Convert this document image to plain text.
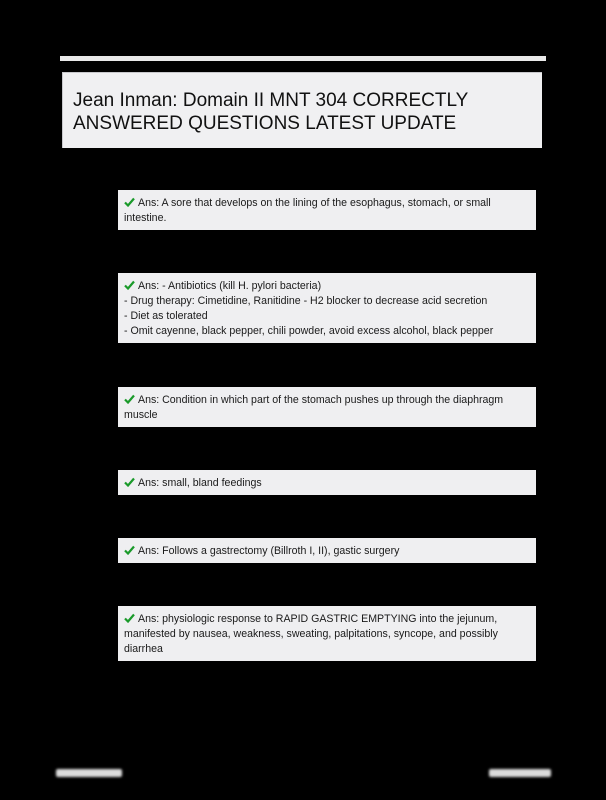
Jean Inman: Domain II MNT 304 CORRECTLY ANSWERED QUESTIONS LATEST UPDATE
Ans: A sore that develops on the lining of the esophagus, stomach, or small
intestine.
Ans: - Antibiotics (kill H. pylori bacteria)
- Drug therapy: Cimetidine, Ranitidine - H2 blocker to decrease acid secretion
- Diet as tolerated
- Omit cayenne, black pepper, chili powder, avoid excess alcohol, black pepper
Ans: Condition in which part of the stomach pushes up through the diaphragm
muscle
Ans: small, bland feedings
Ans: Follows a gastrectomy (Billroth I, II), gastic surgery
Ans: physiologic response to RAPID GASTRIC EMPTYING into the jejunum,
manifested by nausea, weakness, sweating, palpitations, syncope, and possibly
diarrhea
